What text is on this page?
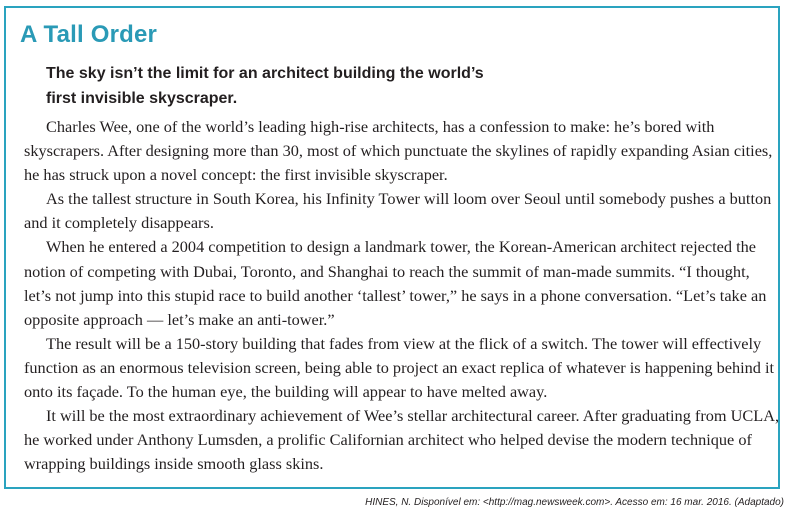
A Tall Order

The sky isn’t the limit for an architect building the world’s first invisible skyscraper.

Charles Wee, one of the world’s leading high-rise architects, has a confession to make: he’s bored with skyscrapers. After designing more than 30, most of which punctuate the skylines of rapidly expanding Asian cities, he has struck upon a novel concept: the first invisible skyscraper.

As the tallest structure in South Korea, his Infinity Tower will loom over Seoul until somebody pushes a button and it completely disappears.

When he entered a 2004 competition to design a landmark tower, the Korean-American architect rejected the notion of competing with Dubai, Toronto, and Shanghai to reach the summit of man-made summits. “I thought, let’s not jump into this stupid race to build another ‘tallest’ tower,” he says in a phone conversation. “Let’s take an opposite approach — let’s make an anti-tower.”

The result will be a 150-story building that fades from view at the flick of a switch. The tower will effectively function as an enormous television screen, being able to project an exact replica of whatever is happening behind it onto its façade. To the human eye, the building will appear to have melted away.

It will be the most extraordinary achievement of Wee’s stellar architectural career. After graduating from UCLA, he worked under Anthony Lumsden, a prolific Californian architect who helped devise the modern technique of wrapping buildings inside smooth glass skins.

HINES, N. Disponível em: <http://mag.newsweek.com>. Acesso em: 16 mar. 2016. (Adaptado)
